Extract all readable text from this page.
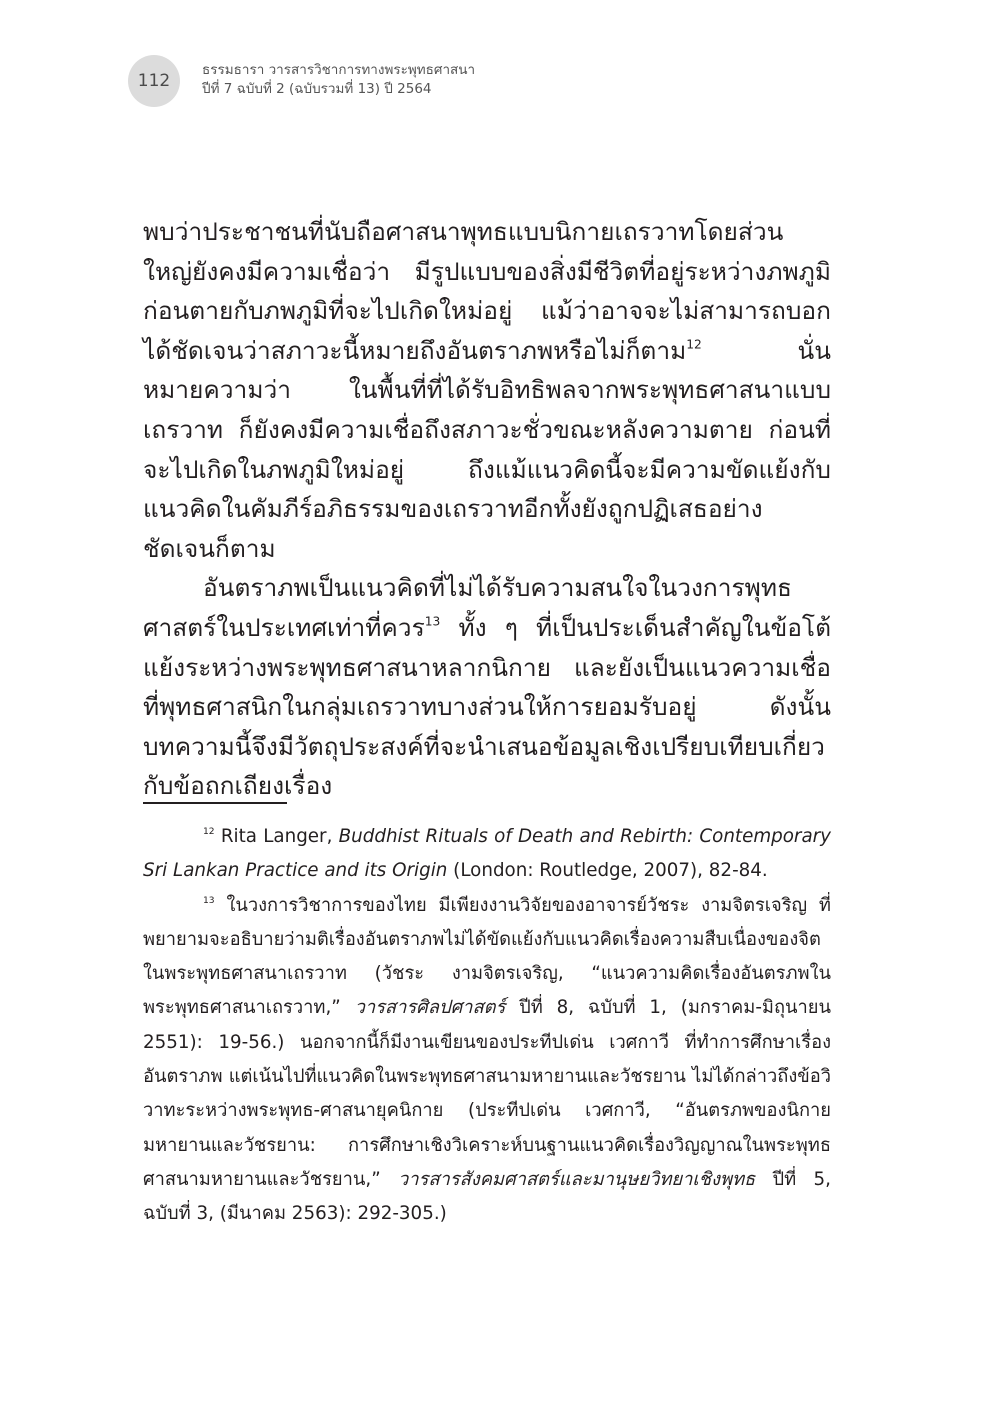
112
ธรรมธารา วารสารวิชาการทางพระพุทธศาสนา
ปีที่ 7 ฉบับที่ 2 (ฉบับรวมที่ 13) ปี 2564

พบว่าประชาชนที่นับถือศาสนาพุทธแบบนิกายเถรวาทโดยส่วนใหญ่ยังคงมีความเชื่อว่า มีรูปแบบของสิ่งมีชีวิตที่อยู่ระหว่างภพภูมิก่อนตายกับภพภูมิที่จะไปเกิดใหม่อยู่ แม้ว่าอาจจะไม่สามารถบอกได้ชัดเจนว่าสภาวะนี้หมายถึงอันตราภพหรือไม่ก็ตาม$^{12}$ นั่นหมายความว่า ในพื้นที่ที่ได้รับอิทธิพลจากพระพุทธศาสนาแบบเถรวาท ก็ยังคงมีความเชื่อถึงสภาวะชั่วขณะหลังความตาย ก่อนที่จะไปเกิดในภพภูมิใหม่อยู่ ถึงแม้แนวคิดนี้จะมีความขัดแย้งกับแนวคิดในคัมภีร์อภิธรรมของเถรวาทอีกทั้งยังถูกปฏิเสธอย่างชัดเจนก็ตาม

อันตราภพเป็นแนวคิดที่ไม่ได้รับความสนใจในวงการพุทธศาสตร์ในประเทศเท่าที่ควร$^{13}$ ทั้ง ๆ ที่เป็นประเด็นสำคัญในข้อโต้แย้งระหว่างพระพุทธศาสนาหลากนิกาย และยังเป็นแนวความเชื่อที่พุทธศาสนิกในกลุ่มเถรวาทบางส่วนให้การยอมรับอยู่ ดังนั้น บทความนี้จึงมีวัตถุประสงค์ที่จะนำเสนอข้อมูลเชิงเปรียบเทียบเกี่ยวกับข้อถกเถียงเรื่อง

$^{12}$ Rita Langer, Buddhist Rituals of Death and Rebirth: Contemporary Sri Lankan Practice and its Origin (London: Routledge, 2007), 82-84.

$^{13}$ ในวงการวิชาการของไทย มีเพียงงานวิจัยของอาจารย์วัชระ งามจิตรเจริญ ที่พยายามจะอธิบายว่ามติเรื่องอันตราภพไม่ได้ขัดแย้งกับแนวคิดเรื่องความสืบเนื่องของจิตในพระพุทธศาสนาเถรวาท (วัชระ งามจิตรเจริญ, “แนวความคิดเรื่องอันตรภพในพระพุทธศาสนาเถรวาท,” วารสารศิลปศาสตร์ ปีที่ 8, ฉบับที่ 1, (มกราคม-มิถุนายน 2551): 19-56.) นอกจากนี้ก็มีงานเขียนของประทีปเด่น เวศกาวี ที่ทำการศึกษาเรื่องอันตราภพ แต่เน้นไปที่แนวคิดในพระพุทธศาสนามหายานและวัชรยาน ไม่ได้กล่าวถึงข้อวิวาทะระหว่างพระพุทธ-ศาสนายุคนิกาย (ประทีปเด่น เวศกาวี, “อันตรภพของนิกายมหายานและวัชรยาน: การศึกษาเชิงวิเคราะห์บนฐานแนวคิดเรื่องวิญญาณในพระพุทธศาสนามหายานและวัชรยาน,” วารสารสังคมศาสตร์และมานุษยวิทยาเชิงพุทธ ปีที่ 5, ฉบับที่ 3, (มีนาคม 2563): 292-305.)
